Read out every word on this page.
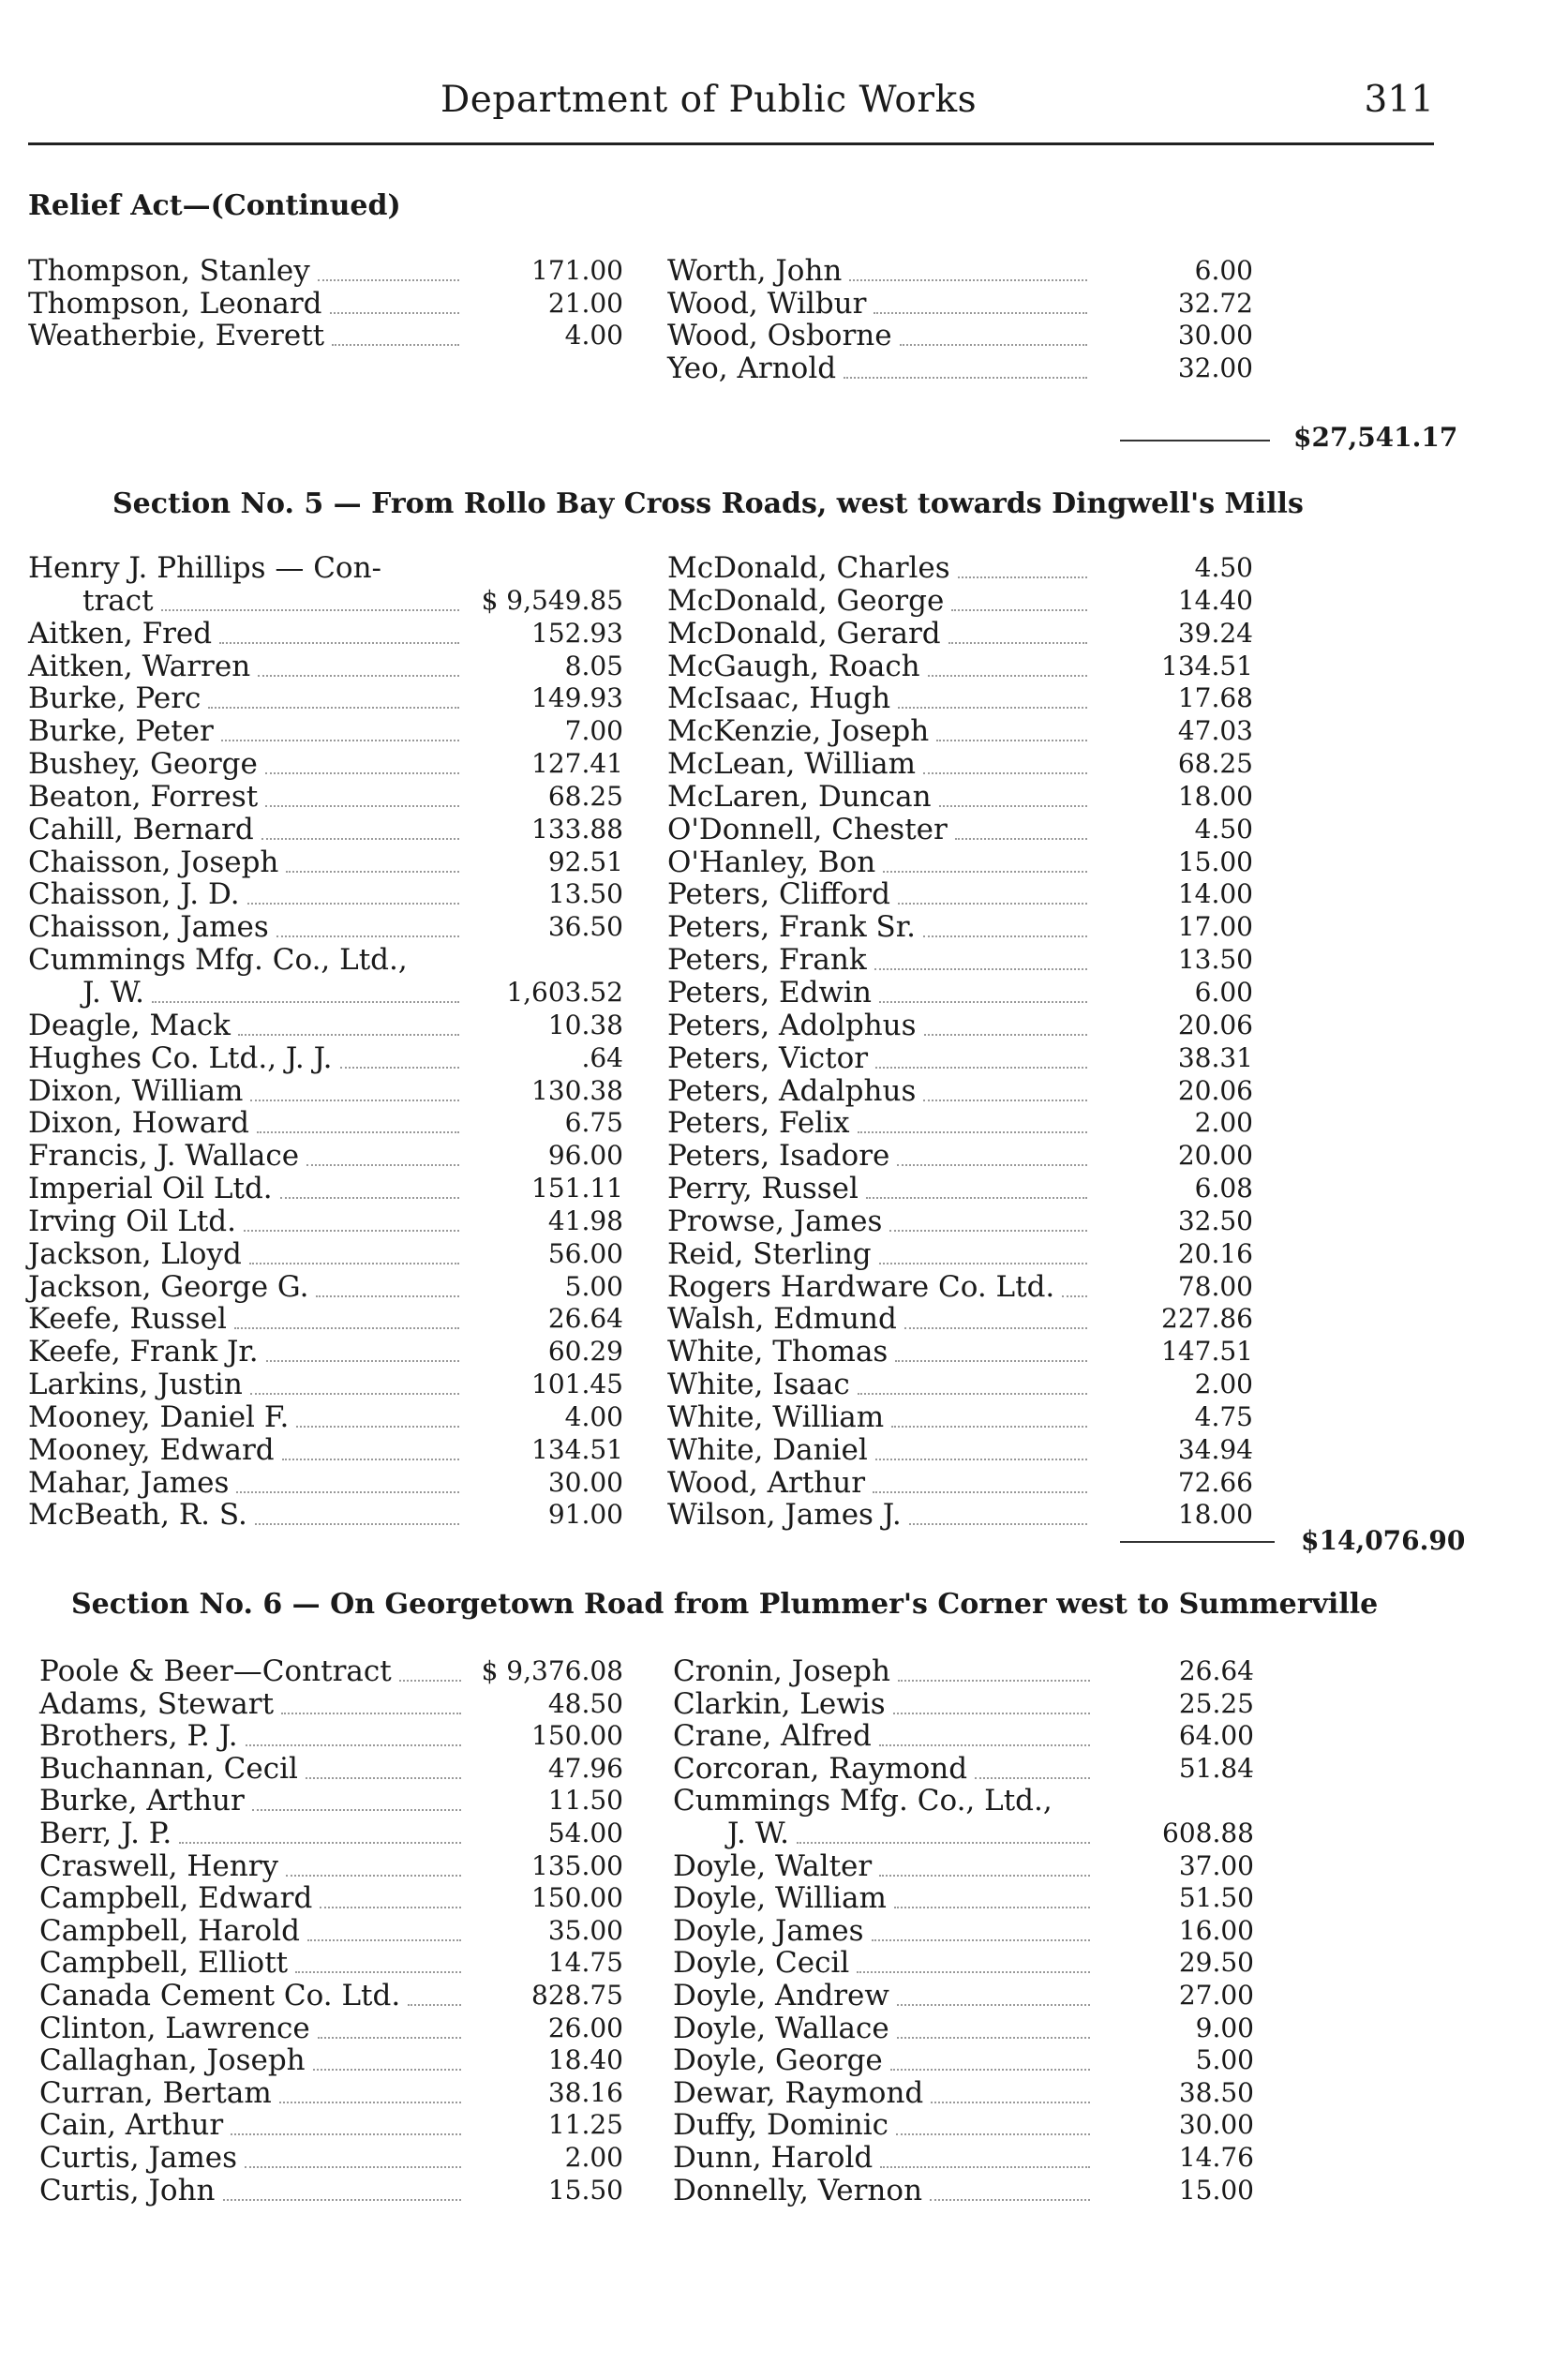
Department of Public Works	311
Relief Act—(Continued)
Thompson, Stanley	171.00
Thompson, Leonard	21.00
Weatherbie, Everett	4.00
Worth, John	6.00
Wood, Wilbur	32.72
Wood, Osborne	30.00
Yeo, Arnold	32.00
$27,541.17
Section No. 5 — From Rollo Bay Cross Roads, west towards Dingwell's Mills
Henry J. Phillips — Con-
tract	$ 9,549.85
Aitken, Fred	152.93
Aitken, Warren	8.05
Burke, Perc	149.93
Burke, Peter	7.00
Bushey, George	127.41
Beaton, Forrest	68.25
Cahill, Bernard	133.88
Chaisson, Joseph	92.51
Chaisson, J. D.	13.50
Chaisson, James	36.50
Cummings Mfg. Co., Ltd.,
J. W.	1,603.52
Deagle, Mack	10.38
Hughes Co. Ltd., J. J.	.64
Dixon, William	130.38
Dixon, Howard	6.75
Francis, J. Wallace	96.00
Imperial Oil Ltd.	151.11
Irving Oil Ltd.	41.98
Jackson, Lloyd	56.00
Jackson, George G.	5.00
Keefe, Russel	26.64
Keefe, Frank Jr.	60.29
Larkins, Justin	101.45
Mooney, Daniel F.	4.00
Mooney, Edward	134.51
Mahar, James	30.00
McBeath, R. S.	91.00
McDonald, Charles	4.50
McDonald, George	14.40
McDonald, Gerard	39.24
McGaugh, Roach	134.51
McIsaac, Hugh	17.68
McKenzie, Joseph	47.03
McLean, William	68.25
McLaren, Duncan	18.00
O'Donnell, Chester	4.50
O'Hanley, Bon	15.00
Peters, Clifford	14.00
Peters, Frank Sr.	17.00
Peters, Frank	13.50
Peters, Edwin	6.00
Peters, Adolphus	20.06
Peters, Victor	38.31
Peters, Adalphus	20.06
Peters, Felix	2.00
Peters, Isadore	20.00
Perry, Russel	6.08
Prowse, James	32.50
Reid, Sterling	20.16
Rogers Hardware Co. Ltd.	78.00
Walsh, Edmund	227.86
White, Thomas	147.51
White, Isaac	2.00
White, William	4.75
White, Daniel	34.94
Wood, Arthur	72.66
Wilson, James J.	18.00
$14,076.90
Section No. 6 — On Georgetown Road from Plummer's Corner west to Summerville
Poole & Beer—Contract	$ 9,376.08
Adams, Stewart	48.50
Brothers, P. J.	150.00
Buchannan, Cecil	47.96
Burke, Arthur	11.50
Berr, J. P.	54.00
Craswell, Henry	135.00
Campbell, Edward	150.00
Campbell, Harold	35.00
Campbell, Elliott	14.75
Canada Cement Co. Ltd.	828.75
Clinton, Lawrence	26.00
Callaghan, Joseph	18.40
Curran, Bertam	38.16
Cain, Arthur	11.25
Curtis, James	2.00
Curtis, John	15.50
Cronin, Joseph	26.64
Clarkin, Lewis	25.25
Crane, Alfred	64.00
Corcoran, Raymond	51.84
Cummings Mfg. Co., Ltd.,
J. W.	608.88
Doyle, Walter	37.00
Doyle, William	51.50
Doyle, James	16.00
Doyle, Cecil	29.50
Doyle, Andrew	27.00
Doyle, Wallace	9.00
Doyle, George	5.00
Dewar, Raymond	38.50
Duffy, Dominic	30.00
Dunn, Harold	14.76
Donnelly, Vernon	15.00
